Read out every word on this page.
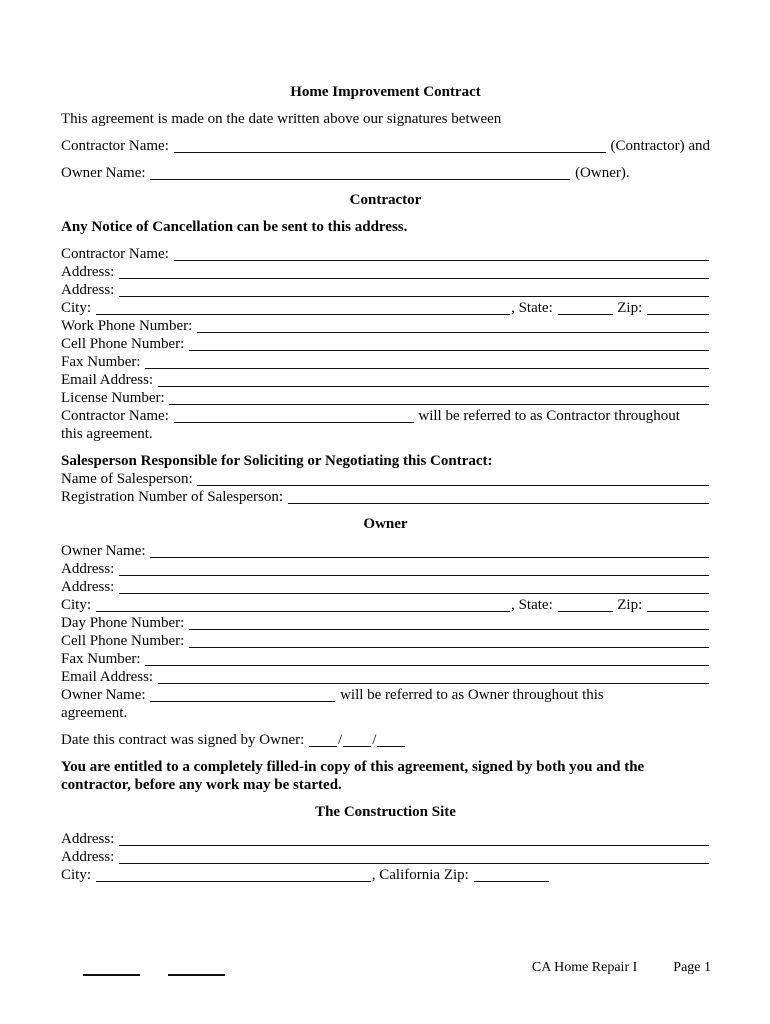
Home Improvement Contract
This agreement is made on the date written above our signatures between
Contractor Name:	(Contractor) and
Owner Name:	(Owner).
Contractor
Any Notice of Cancellation can be sent to this address.
Contractor Name:
Address:
Address:
City:	, State:	Zip:
Work Phone Number:
Cell Phone Number:
Fax Number:
Email Address:
License Number:
Contractor Name:	will be referred to as Contractor throughout
this agreement.
Salesperson Responsible for Soliciting or Negotiating this Contract:
Name of Salesperson:
Registration Number of Salesperson:
Owner
Owner Name:
Address:
Address:
City:	, State:	Zip:
Day Phone Number:
Cell Phone Number:
Fax Number:
Email Address:
Owner Name:	will be referred to as Owner throughout this
agreement.
Date this contract was signed by Owner: / /
You are entitled to a completely filled-in copy of this agreement, signed by both you and the contractor, before any work may be started.
The Construction Site
Address:
Address:
City:	, California Zip:
CA Home Repair I	Page 1
